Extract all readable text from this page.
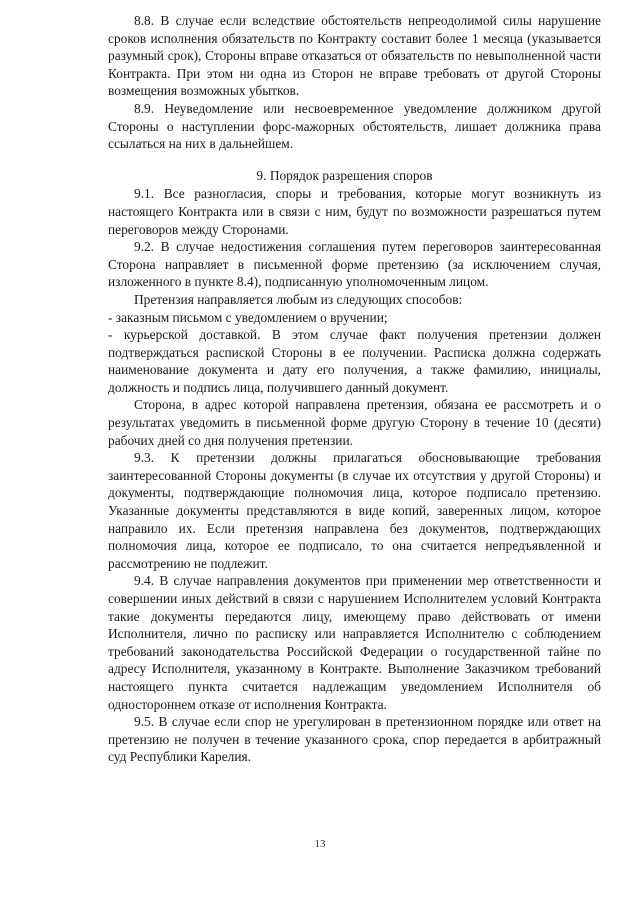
8.8. В случае если вследствие обстоятельств непреодолимой силы нарушение сроков исполнения обязательств по Контракту составит более 1 месяца (указывается разумный срок), Стороны вправе отказаться от обязательств по невыполненной части Контракта. При этом ни одна из Сторон не вправе требовать от другой Стороны возмещения возможных убытков.

8.9. Неуведомление или несвоевременное уведомление должником другой Стороны о наступлении форс-мажорных обстоятельств, лишает должника права ссылаться на них в дальнейшем.

9. Порядок разрешения споров

9.1. Все разногласия, споры и требования, которые могут возникнуть из настоящего Контракта или в связи с ним, будут по возможности разрешаться путем переговоров между Сторонами.

9.2. В случае недостижения соглашения путем переговоров заинтересованная Сторона направляет в письменной форме претензию (за исключением случая, изложенного в пункте 8.4), подписанную уполномоченным лицом.

Претензия направляется любым из следующих способов:

- заказным письмом с уведомлением о вручении;

- курьерской доставкой. В этом случае факт получения претензии должен подтверждаться распиской Стороны в ее получении. Расписка должна содержать наименование документа и дату его получения, а также фамилию, инициалы, должность и подпись лица, получившего данный документ.

Сторона, в адрес которой направлена претензия, обязана ее рассмотреть и о результатах уведомить в письменной форме другую Сторону в течение 10 (десяти) рабочих дней со дня получения претензии.

9.3. К претензии должны прилагаться обосновывающие требования заинтересованной Стороны документы (в случае их отсутствия у другой Стороны) и документы, подтверждающие полномочия лица, которое подписало претензию. Указанные документы представляются в виде копий, заверенных лицом, которое направило их. Если претензия направлена без документов, подтверждающих полномочия лица, которое ее подписало, то она считается непредъявленной и рассмотрению не подлежит.

9.4. В случае направления документов при применении мер ответственности и совершении иных действий в связи с нарушением Исполнителем условий Контракта такие документы передаются лицу, имеющему право действовать от имени Исполнителя, лично по расписку или направляется Исполнителю с соблюдением требований законодательства Российской Федерации о государственной тайне по адресу Исполнителя, указанному в Контракте. Выполнение Заказчиком требований настоящего пункта считается надлежащим уведомлением Исполнителя об одностороннем отказе от исполнения Контракта.

9.5. В случае если спор не урегулирован в претензионном порядке или ответ на претензию не получен в течение указанного срока, спор передается в арбитражный суд Республики Карелия.

13
